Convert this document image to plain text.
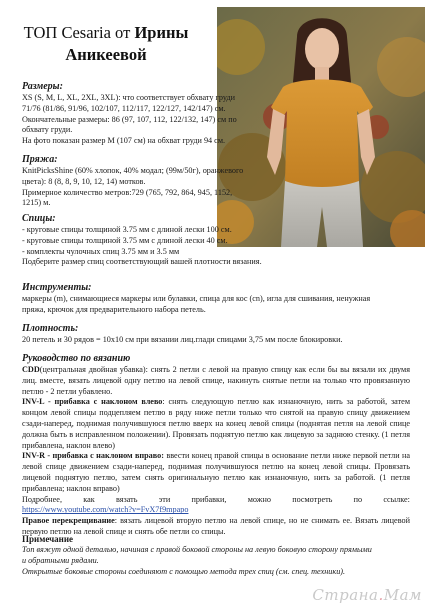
ТОП Cesaria от Ирины
Аникеевой
Размеры:
XS (S, M, L, XL, 2XL, 3XL): что соответствует обхвату груди
71/76 (81/86, 91/96, 102/107, 112/117, 122/127, 142/147) см.
Окончательные размеры: 86 (97, 107, 112, 122/132, 147) см по
обхвату груди.
На фото показан размер М (107 см) на обхват груди 94 см.
Пряжа:
KnitPicksShine (60% хлопок, 40% модал; (99м/50г), оранжевого
цвета): 8 (8, 8, 9, 10, 12, 14) мотков.
Примерное количество метров:729 (765, 792, 864, 945, 1152,
1215) м.
Спицы:
- круговые спицы толщиной 3.75 мм с длиной лески 100 см.
- круговые спицы толщиной 3.75 мм с длиной лески 40 см.
- комплекты чулочных спиц 3.75 мм и 3.5 мм
Подберите размер спиц соответствующий вашей плотности вязания.
Инструменты:
маркеры (m), снимающиеся маркеры или булавки, спица для кос (cn), игла для сшивания, ненужная
пряжа, крючок для предварительного набора петель.
Плотность:
20 петель и 30 рядов = 10x10 см при вязании лиц.глади спицами 3,75 мм после блокировки.
Руководство по вязанию
CDD(центральная двойная убавка): снять 2 петли с левой на правую спицу как если бы вы вязали их двумя лиц. вместе, вязать лицевой одну петлю на левой спице, накинуть снятые петли на только что провязанную петлю - 2 петли убавлено.
INV-L - прибавка с наклоном влево: снять следующую петлю как изнаночную, нить за работой, затем концом левой спицы подцепляем петлю в ряду ниже петли только что снятой на правую спицу движением сзади-наперед, поднимая получившуюся петлю вверх на конец левой спицы (поднятая петля на левой спице должна быть в исправленном положении). Провязать поднятую петлю как лицевую за заднюю стенку. (1 петля прибавлена, наклон влево)
INV-R - прибавка с наклоном вправо: ввести конец правой спицы в основание петли ниже первой петли на левой спице движением сзади-наперед, поднимая получившуюся петлю на конец левой спицы. Провязать лицевой поднятую петлю, затем снять оригинальную петлю как изнаночную, нить за работой. (1 петля прибавлена; наклон вправо)
Подробнее,	как	вязать	эти	прибавки,	можно	посмотреть	по	ссылке:
https://www.youtube.com/watch?v=FvX7f9mpapo
Правое перекрещивание: вязать лицевой вторую петлю на левой спице, но не снимать ее. Вязать лицевой первую петлю на левой спице и снять обе петли со спицы.
Примечание
Топ вяжут одной деталью, начиная с правой боковой стороны на левую боковую сторону прямыми
и обратными рядами.
Открытые боковые стороны соединяют с помощью метода трех спиц (см. спец. техники).
Страна.Мам
